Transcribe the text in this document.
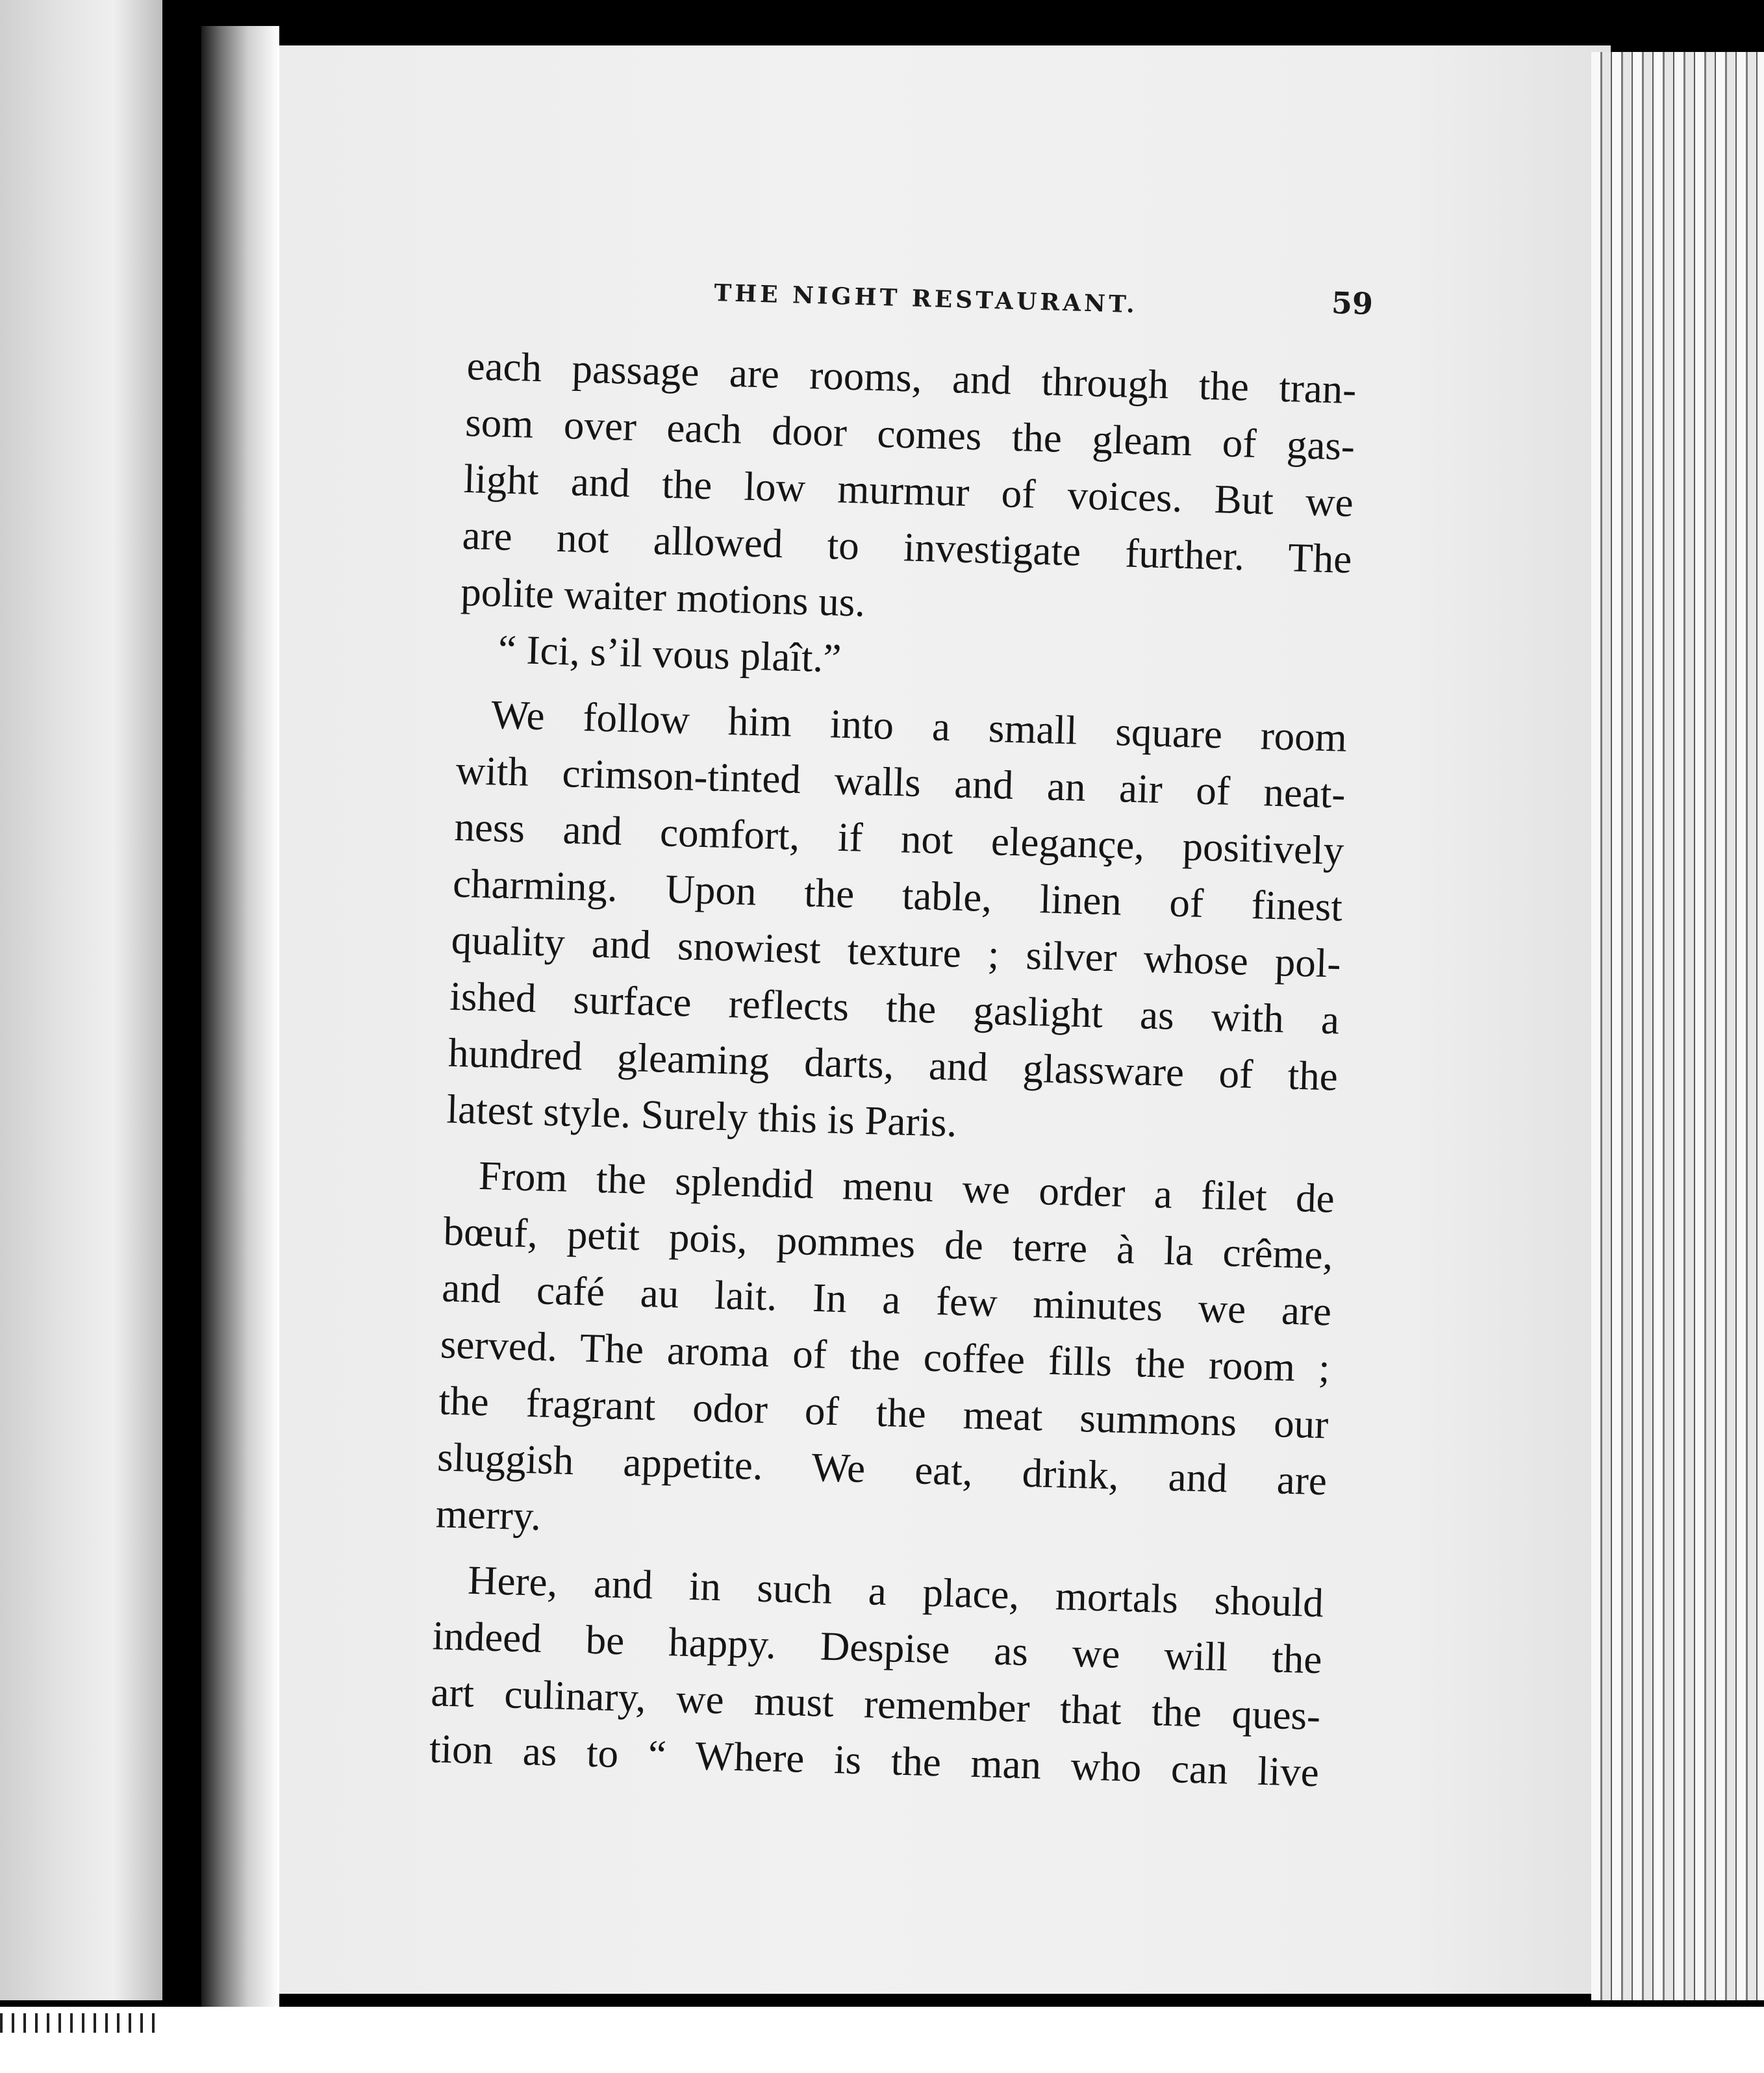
THE NIGHT RESTAURANT.	59
each passage are rooms, and through the tran-
som over each door comes the gleam of gas-
light and the low murmur of voices. But we
are not allowed to investigate further. The
polite waiter motions us.
“ Ici, s’il vous plaît.”
We follow him into a small square room
with crimson-tinted walls and an air of neat-
ness and comfort, if not elegançe, positively
charming. Upon the table, linen of finest
quality and snowiest texture ; silver whose pol-
ished surface reflects the gaslight as with a
hundred gleaming darts, and glassware of the
latest style. Surely this is Paris.
From the splendid menu we order a filet de
bœuf, petit pois, pommes de terre à la crême,
and café au lait. In a few minutes we are
served. The aroma of the coffee fills the room ;
the fragrant odor of the meat summons our
sluggish appetite. We eat, drink, and are
merry.
Here, and in such a place, mortals should
indeed be happy. Despise as we will the
art culinary, we must remember that the ques-
tion as to “ Where is the man who can live
